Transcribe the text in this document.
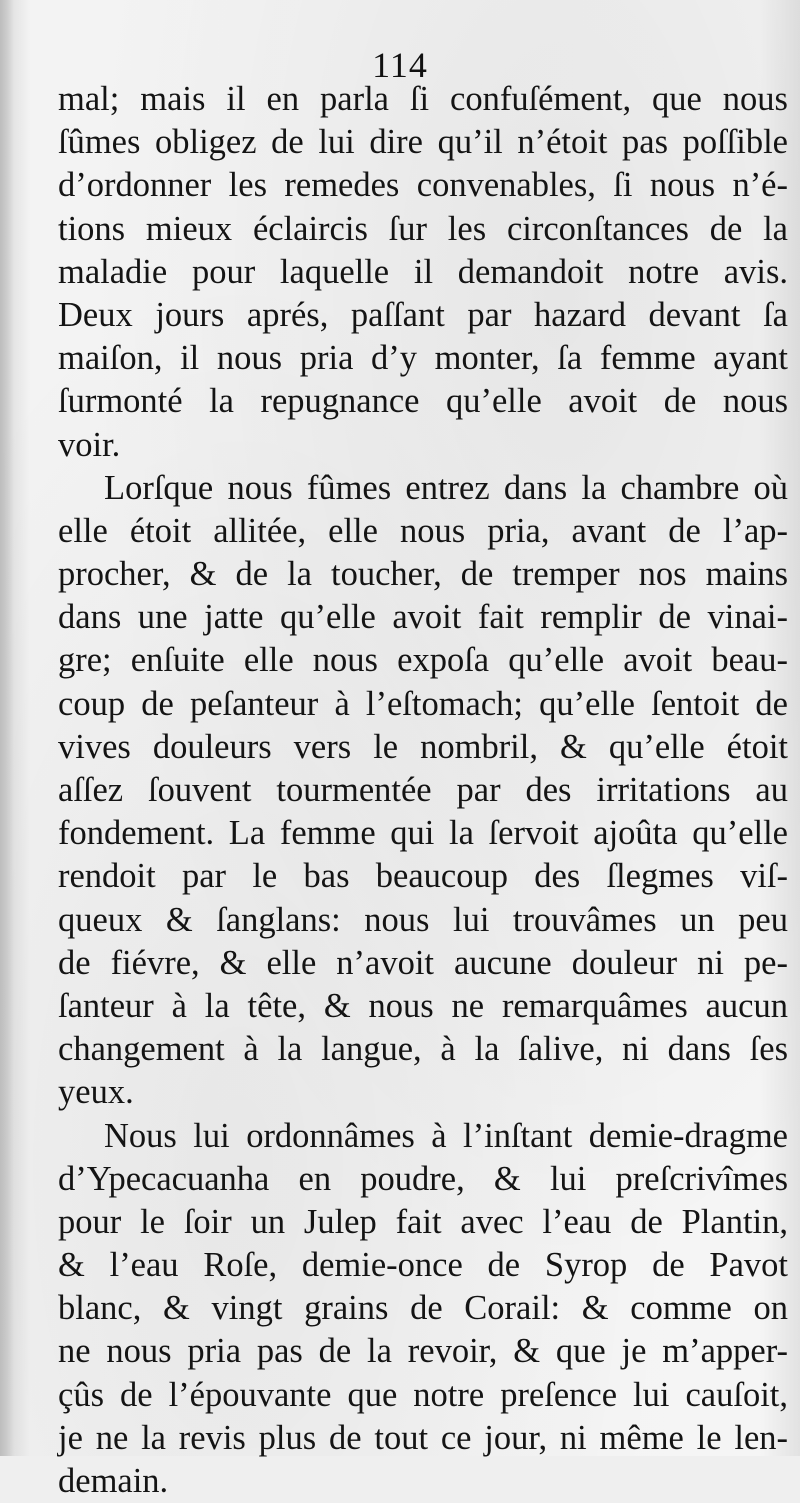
114
mal; mais il en parla ſi confuſément, que nous
ſûmes obligez de lui dire qu’il n’étoit pas poſſible
d’ordonner les remedes convenables, ſi nous n’é-
tions mieux éclaircis ſur les circonſtances de la
maladie pour laquelle il demandoit notre avis.
Deux jours aprés, paſſant par hazard devant ſa
maiſon, il nous pria d’y monter, ſa femme ayant
ſurmonté la repugnance qu’elle avoit de nous
voir.
Lorſque nous fûmes entrez dans la chambre où
elle étoit allitée, elle nous pria, avant de l’ap-
procher, & de la toucher, de tremper nos mains
dans une jatte qu’elle avoit fait remplir de vinai-
gre; enſuite elle nous expoſa qu’elle avoit beau-
coup de peſanteur à l’eſtomach; qu’elle ſentoit de
vives douleurs vers le nombril, & qu’elle étoit
aſſez ſouvent tourmentée par des irritations au
fondement. La femme qui la ſervoit ajoûta qu’elle
rendoit par le bas beaucoup des ſlegmes viſ-
queux & ſanglans: nous lui trouvâmes un peu
de fiévre, & elle n’avoit aucune douleur ni pe-
ſanteur à la tête, & nous ne remarquâmes aucun
changement à la langue, à la ſalive, ni dans ſes
yeux.
Nous lui ordonnâmes à l’inſtant demie-dragme
d’Ypecacuanha en poudre, & lui preſcrivîmes
pour le ſoir un Julep fait avec l’eau de Plantin,
& l’eau Roſe, demie-once de Syrop de Pavot
blanc, & vingt grains de Corail: & comme on
ne nous pria pas de la revoir, & que je m’apper-
çûs de l’épouvante que notre preſence lui cauſoit,
je ne la revis plus de tout ce jour, ni même le len-
demain.
